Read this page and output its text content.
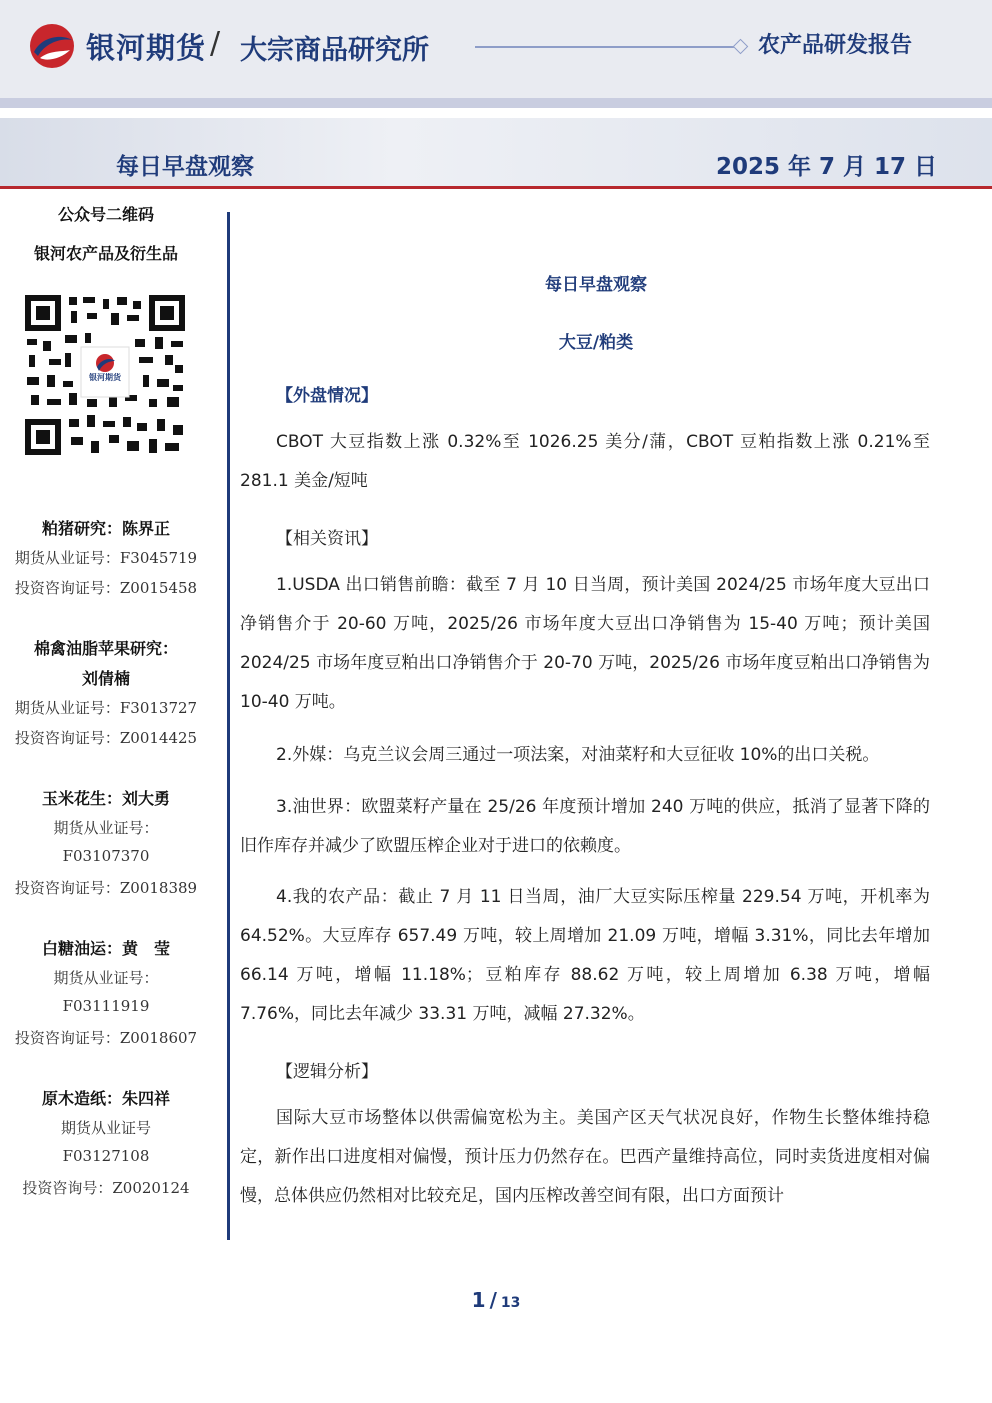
银河期货 / 大宗商品研究所	农产品研发报告
每日早盘观察	2025 年 7 月 17 日
公众号二维码
银河农产品及衍生品
银河期货
粕猪研究：陈界正
期货从业证号：F3045719
投资咨询证号：Z0015458
棉禽油脂苹果研究：
刘倩楠
期货从业证号：F3013727
投资咨询证号：Z0014425
玉米花生：刘大勇
期货从业证号：
F03107370
投资咨询证号：Z0018389
白糖油运：黄　莹
期货从业证号：
F03111919
投资咨询证号：Z0018607
原木造纸：朱四祥
期货从业证号
F03127108
投资咨询号：Z0020124
每日早盘观察
大豆/粕类
【外盘情况】
CBOT 大豆指数上涨 0.32%至 1026.25 美分/蒲，CBOT 豆粕指数上涨 0.21%至 281.1 美金/短吨
【相关资讯】
1.USDA 出口销售前瞻：截至 7 月 10 日当周，预计美国 2024/25 市场年度大豆出口净销售介于 20-60 万吨，2025/26 市场年度大豆出口净销售为 15-40 万吨；预计美国 2024/25 市场年度豆粕出口净销售介于 20-70 万吨，2025/26 市场年度豆粕出口净销售为 10-40 万吨。
2.外媒：乌克兰议会周三通过一项法案，对油菜籽和大豆征收 10%的出口关税。
3.油世界：欧盟菜籽产量在 25/26 年度预计增加 240 万吨的供应，抵消了显著下降的旧作库存并减少了欧盟压榨企业对于进口的依赖度。
4.我的农产品：截止 7 月 11 日当周，油厂大豆实际压榨量 229.54 万吨，开机率为 64.52%。大豆库存 657.49 万吨，较上周增加 21.09 万吨，增幅 3.31%，同比去年增加 66.14 万吨，增幅 11.18%；豆粕库存 88.62 万吨，较上周增加 6.38 万吨，增幅 7.76%，同比去年减少 33.31 万吨，减幅 27.32%。
【逻辑分析】
国际大豆市场整体以供需偏宽松为主。美国产区天气状况良好，作物生长整体维持稳定，新作出口进度相对偏慢，预计压力仍然存在。巴西产量维持高位，同时卖货进度相对偏慢，总体供应仍然相对比较充足，国内压榨改善空间有限，出口方面预计
1 / 13
